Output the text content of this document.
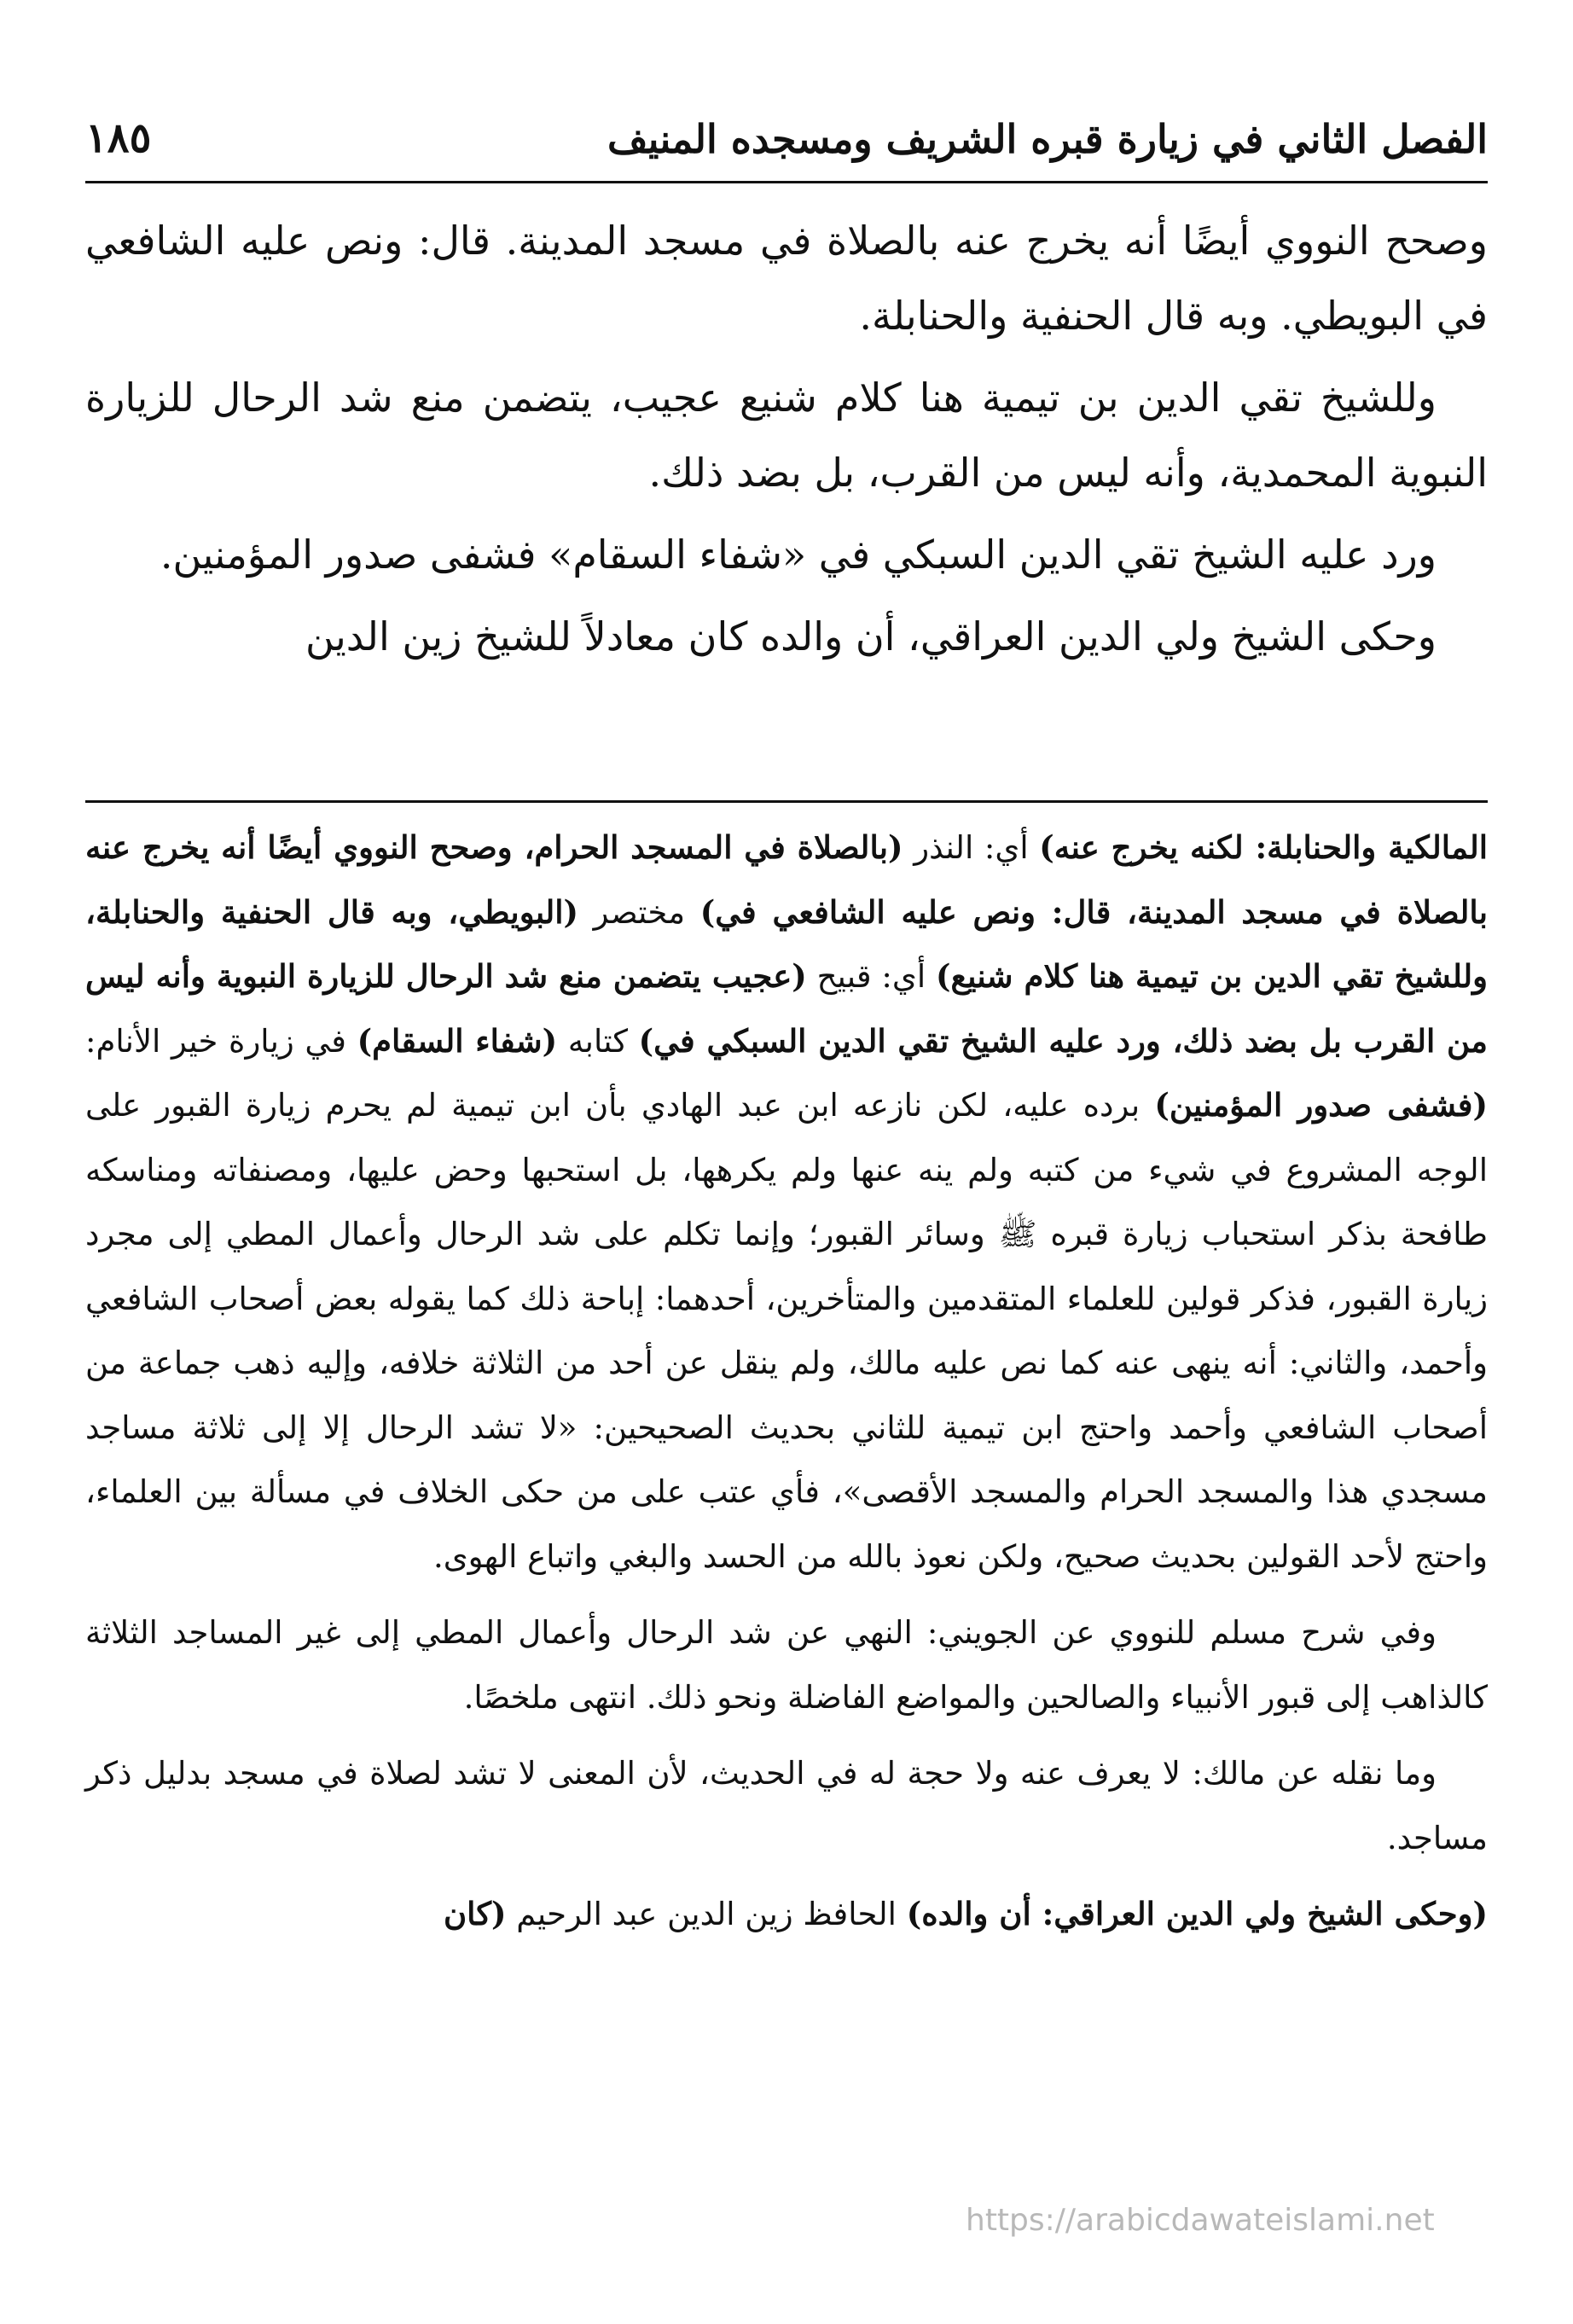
الفصل الثاني في زيارة قبره الشريف ومسجده المنيف
١٨٥

وصحح النووي أيضًا أنه يخرج عنه بالصلاة في مسجد المدينة. قال: ونص عليه الشافعي في البويطي. وبه قال الحنفية والحنابلة.

وللشيخ تقي الدين بن تيمية هنا كلام شنيع عجيب، يتضمن منع شد الرحال للزيارة النبوية المحمدية، وأنه ليس من القرب، بل بضد ذلك.

ورد عليه الشيخ تقي الدين السبكي في «شفاء السقام» فشفى صدور المؤمنين.

وحكى الشيخ ولي الدين العراقي، أن والده كان معادلاً للشيخ زين الدين

المالكية والحنابلة: لكنه يخرج عنه) أي: النذر (بالصلاة في المسجد الحرام، وصحح النووي أيضًا أنه يخرج عنه بالصلاة في مسجد المدينة، قال: ونص عليه الشافعي في) مختصر (البويطي، وبه قال الحنفية والحنابلة، وللشيخ تقي الدين بن تيمية هنا كلام شنيع) أي: قبيح (عجيب يتضمن منع شد الرحال للزيارة النبوية وأنه ليس من القرب بل بضد ذلك، ورد عليه الشيخ تقي الدين السبكي في) كتابه (شفاء السقام) في زيارة خير الأنام: (فشفى صدور المؤمنين) برده عليه، لكن نازعه ابن عبد الهادي بأن ابن تيمية لم يحرم زيارة القبور على الوجه المشروع في شيء من كتبه ولم ينه عنها ولم يكرهها، بل استحبها وحض عليها، ومصنفاته ومناسكه طافحة بذكر استحباب زيارة قبره ﷺ وسائر القبور؛ وإنما تكلم على شد الرحال وأعمال المطي إلى مجرد زيارة القبور، فذكر قولين للعلماء المتقدمين والمتأخرين، أحدهما: إباحة ذلك كما يقوله بعض أصحاب الشافعي وأحمد، والثاني: أنه ينهى عنه كما نص عليه مالك، ولم ينقل عن أحد من الثلاثة خلافه، وإليه ذهب جماعة من أصحاب الشافعي وأحمد واحتج ابن تيمية للثاني بحديث الصحيحين: «لا تشد الرحال إلا إلى ثلاثة مساجد مسجدي هذا والمسجد الحرام والمسجد الأقصى»، فأي عتب على من حكى الخلاف في مسألة بين العلماء، واحتج لأحد القولين بحديث صحيح، ولكن نعوذ بالله من الحسد والبغي واتباع الهوى.

وفي شرح مسلم للنووي عن الجويني: النهي عن شد الرحال وأعمال المطي إلى غير المساجد الثلاثة كالذاهب إلى قبور الأنبياء والصالحين والمواضع الفاضلة ونحو ذلك. انتهى ملخصًا.

وما نقله عن مالك: لا يعرف عنه ولا حجة له في الحديث، لأن المعنى لا تشد لصلاة في مسجد بدليل ذكر مساجد.

(وحكى الشيخ ولي الدين العراقي: أن والده) الحافظ زين الدين عبد الرحيم (كان

https://arabicdawateislami.net
